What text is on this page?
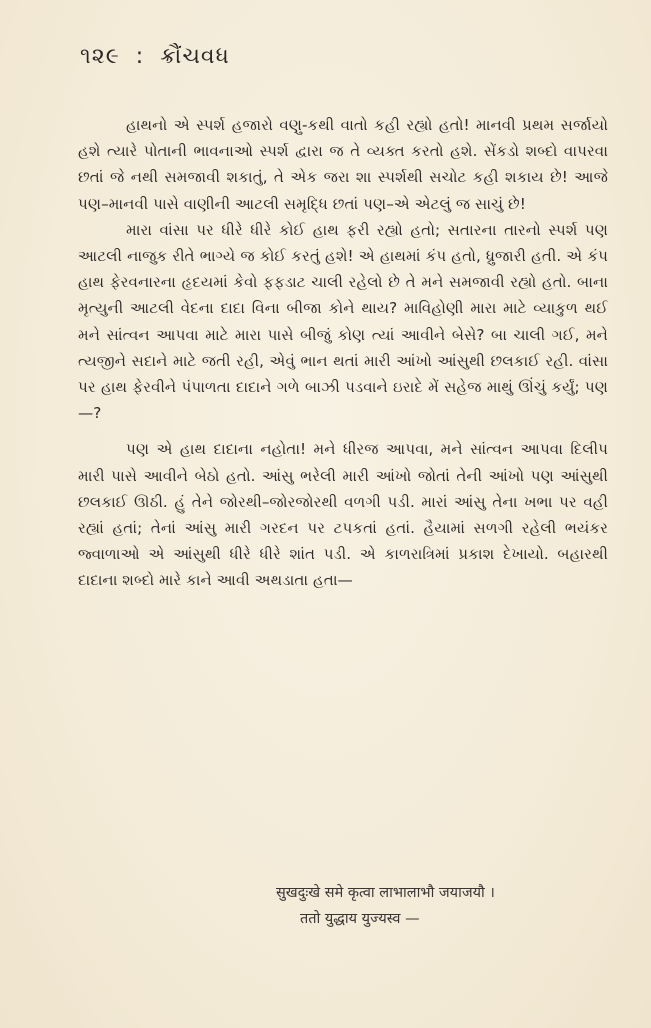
૧૨૯ : ક્રૌંચવધ

હાથનો એ સ્પર્શ હજારો વણુ-કથી વાતો કહી રહ્યો હતો! માનવી પ્રથમ સર્જાયો હશે ત્યારે પોતાની ભાવનાઓ સ્પર્શ દ્વારા જ તે વ્યક્ત કરતો હશે. સેંકડો શબ્દો વાપરવા છતાં જે નથી સમજાવી શકાતું, તે એક જરા શા સ્પર્શથી સચોટ કહી શકાય છે! આજે પણ–માનવી પાસે વાણીની આટલી સમૃદ્ધિ છતાં પણ–એ એટલું જ સાચું છે!

મારા વાંસા પર ધીરે ધીરે કોઈ હાથ ફરી રહ્યો હતો; સતારના તારનો સ્પર્શ પણ આટલી નાજુક રીતે ભાગ્યે જ કોઈ કરતું હશે! એ હાથમાં કંપ હતો, ધ્રુજારી હતી. એ કંપ હાથ ફેરવનારના હૃદયમાં કેવો ફફડાટ ચાલી રહેલો છે તે મને સમજાવી રહ્યો હતો. બાના મૃત્યુની આટલી વેદના દાદા વિના બીજા કોને થાય? માવિહોણી મારા માટે વ્યાકુળ થઈ મને સાંત્વન આપવા માટે મારા પાસે બીજું કોણ ત્યાં આવીને બેસે? બા ચાલી ગઈ, મને ત્યજીને સદાને માટે જતી રહી, એવું ભાન થતાં મારી આંખો આંસુથી છલકાઈ રહી. વાંસા પર હાથ ફેરવીને પંપાળતા દાદાને ગળે બાઝી પડવાને ઇરાદે મેં સહેજ માથું ઊંચું કર્યું; પણ—?

પણ એ હાથ દાદાના નહોતા! મને ધીરજ આપવા, મને સાંત્વન આપવા દિલીપ મારી પાસે આવીને બેઠો હતો. આંસુ ભરેલી મારી આંખો જોતાં તેની આંખો પણ આંસુથી છલકાઈ ઊઠી. હું તેને જોરથી–જોરજોરથી વળગી પડી. મારાં આંસુ તેના ખભા પર વહી રહ્યાં હતાં; તેનાં આંસુ મારી ગરદન પર ટપકતાં હતાં. હૈયામાં સળગી રહેલી ભયંકર જ્વાળાઓ એ આંસુથી ધીરે ધીરે શાંત પડી. એ કાળરાત્રિમાં પ્રકાશ દેખાયો. બહારથી દાદાના શબ્દો મારે કાને આવી અથડાતા હતા—

सुखदुःखे समे कृत्वा लाभालाभौ जयाजयौ ।
ततो युद्धाय युज्यस्व —
